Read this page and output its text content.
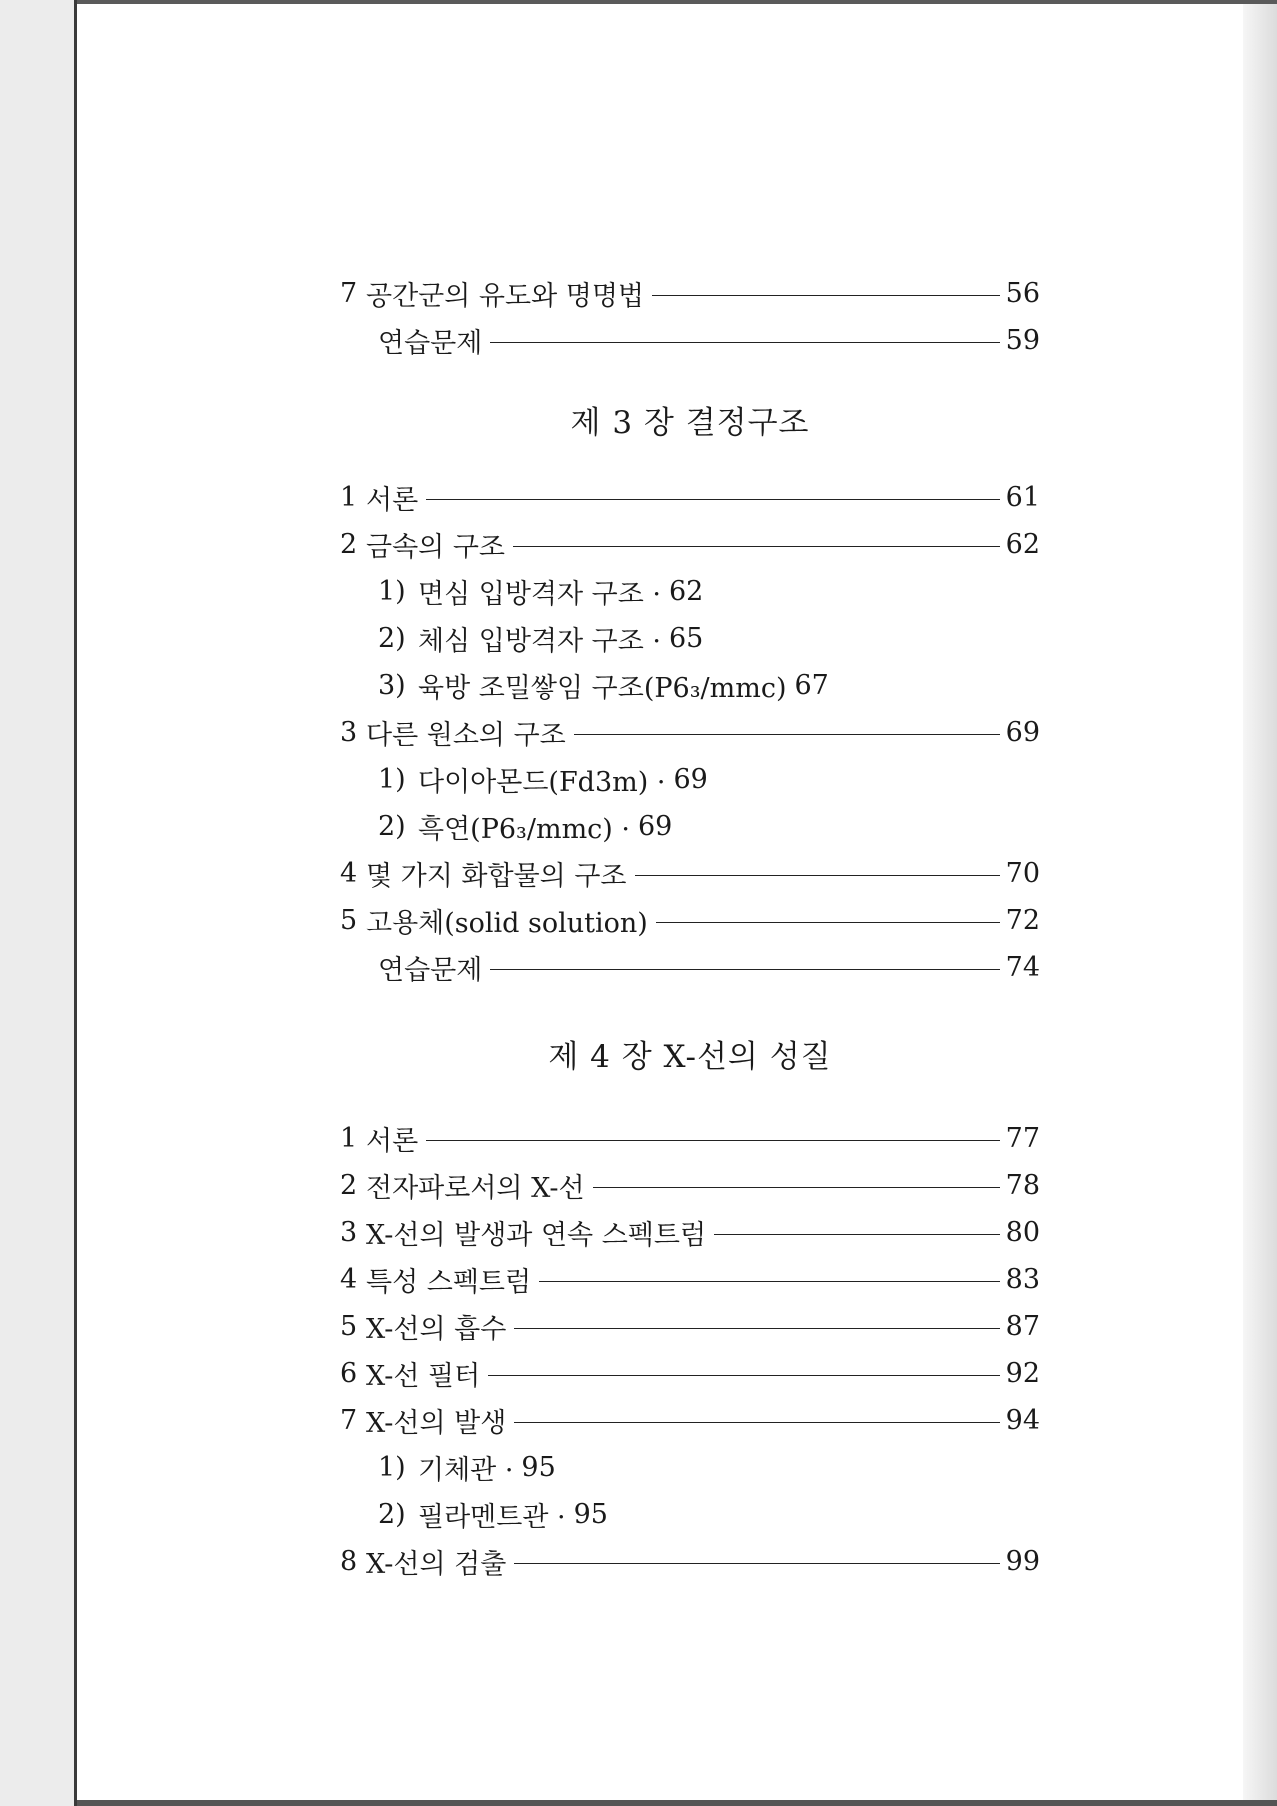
7 공간군의 유도와 명명법	56
연습문제	59
제 3 장 결정구조
1 서론	61
2 금속의 구조	62
1) 면심 입방격자 구조 · 62
2) 체심 입방격자 구조 · 65
3) 육방 조밀쌓임 구조(P6₃/mmc) 67
3 다른 원소의 구조	69
1) 다이아몬드(Fd3m) · 69
2) 흑연(P6₃/mmc) · 69
4 몇 가지 화합물의 구조	70
5 고용체(solid solution)	72
연습문제	74
제 4 장 X-선의 성질
1 서론	77
2 전자파로서의 X-선	78
3 X-선의 발생과 연속 스펙트럼	80
4 특성 스펙트럼	83
5 X-선의 흡수	87
6 X-선 필터	92
7 X-선의 발생	94
1) 기체관 · 95
2) 필라멘트관 · 95
8 X-선의 검출	99
